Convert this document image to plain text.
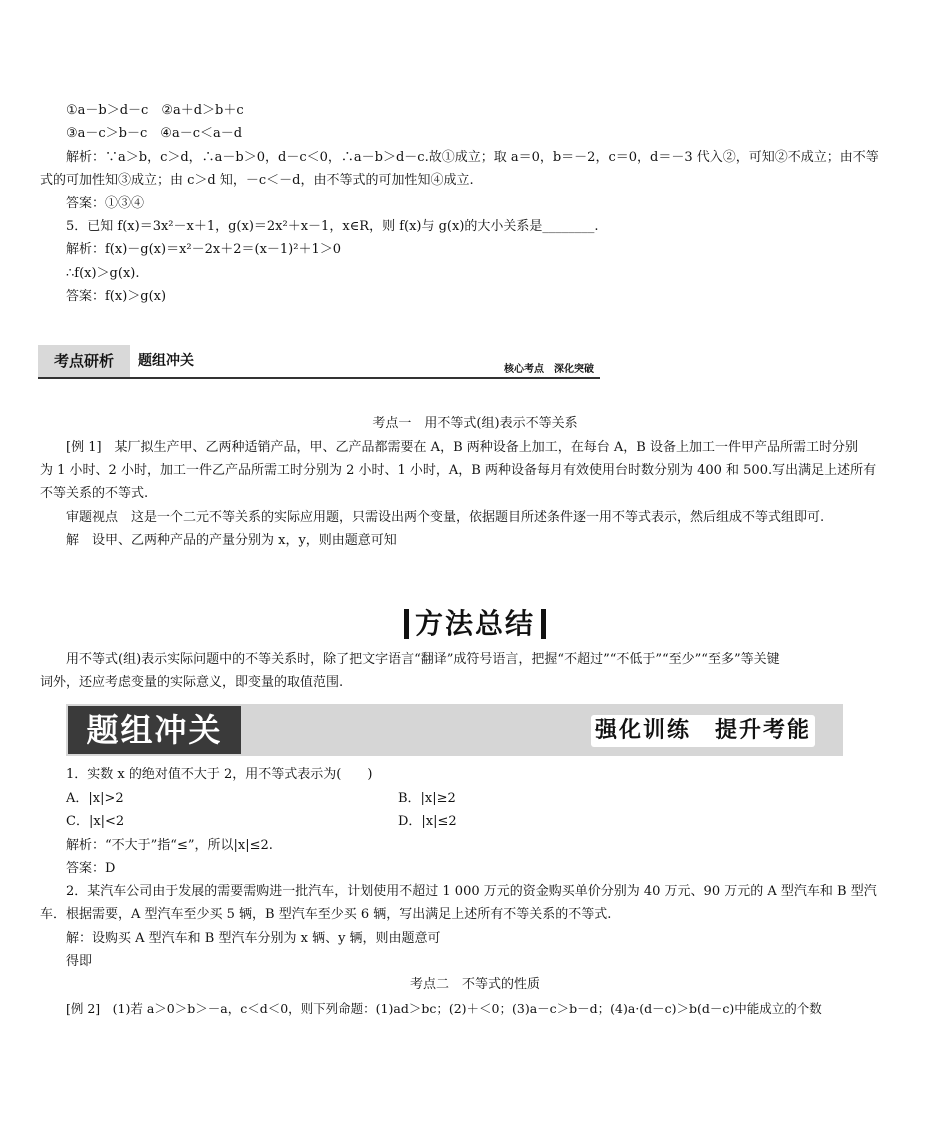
①a－b＞d－c　②a＋d＞b＋c
③a－c＞b－c　④a－c＜a－d
解析：∵a＞b，c＞d，∴a－b＞0，d－c＜0，∴a－b＞d－c.故①成立；取 a＝0，b＝－2，c＝0，d＝－3 代入②，可知②不成立；由不等
式的可加性知③成立；由 c＞d 知，－c＜－d，由不等式的可加性知④成立.
答案：①③④
5．已知 f(x)＝3x²－x＋1，g(x)＝2x²＋x－1，x∈R，则 f(x)与 g(x)的大小关系是________.
解析：f(x)－g(x)＝x²－2x＋2＝(x－1)²＋1＞0
∴f(x)＞g(x).
答案：f(x)＞g(x)
考点研析	题组冲关
核心考点　深化突破
考点一　用不等式(组)表示不等关系
[例 1]　某厂拟生产甲、乙两种适销产品，甲、乙产品都需要在 A，B 两种设备上加工，在每台 A，B 设备上加工一件甲产品所需工时分别
为 1 小时、2 小时，加工一件乙产品所需工时分别为 2 小时、1 小时，A，B 两种设备每月有效使用台时数分别为 400 和 500.写出满足上述所有
不等关系的不等式.
审题视点　这是一个二元不等关系的实际应用题，只需设出两个变量，依据题目所述条件逐一用不等式表示，然后组成不等式组即可.
解　设甲、乙两种产品的产量分别为 x，y，则由题意可知
方法总结
用不等式(组)表示实际问题中的不等关系时，除了把文字语言“翻译”成符号语言，把握“不超过”“不低于”“至少”“至多”等关键
词外，还应考虑变量的实际意义，即变量的取值范围.
题组冲关	强化训练　提升考能
1．实数 x 的绝对值不大于 2，用不等式表示为(　　)
A．|x|>2	B．|x|≥2
C．|x|<2	D．|x|≤2
解析：“不大于”指“≤”，所以|x|≤2.
答案：D
2．某汽车公司由于发展的需要需购进一批汽车，计划使用不超过 1 000 万元的资金购买单价分别为 40 万元、90 万元的 A 型汽车和 B 型汽
车．根据需要，A 型汽车至少买 5 辆，B 型汽车至少买 6 辆，写出满足上述所有不等关系的不等式.
解：设购买 A 型汽车和 B 型汽车分别为 x 辆、y 辆，则由题意可
得即
考点二　不等式的性质
[例 2]　(1)若 a＞0＞b＞－a，c＜d＜0，则下列命题：(1)ad＞bc；(2)＋＜0；(3)a－c＞b－d；(4)a·(d－c)＞b(d－c)中能成立的个数
